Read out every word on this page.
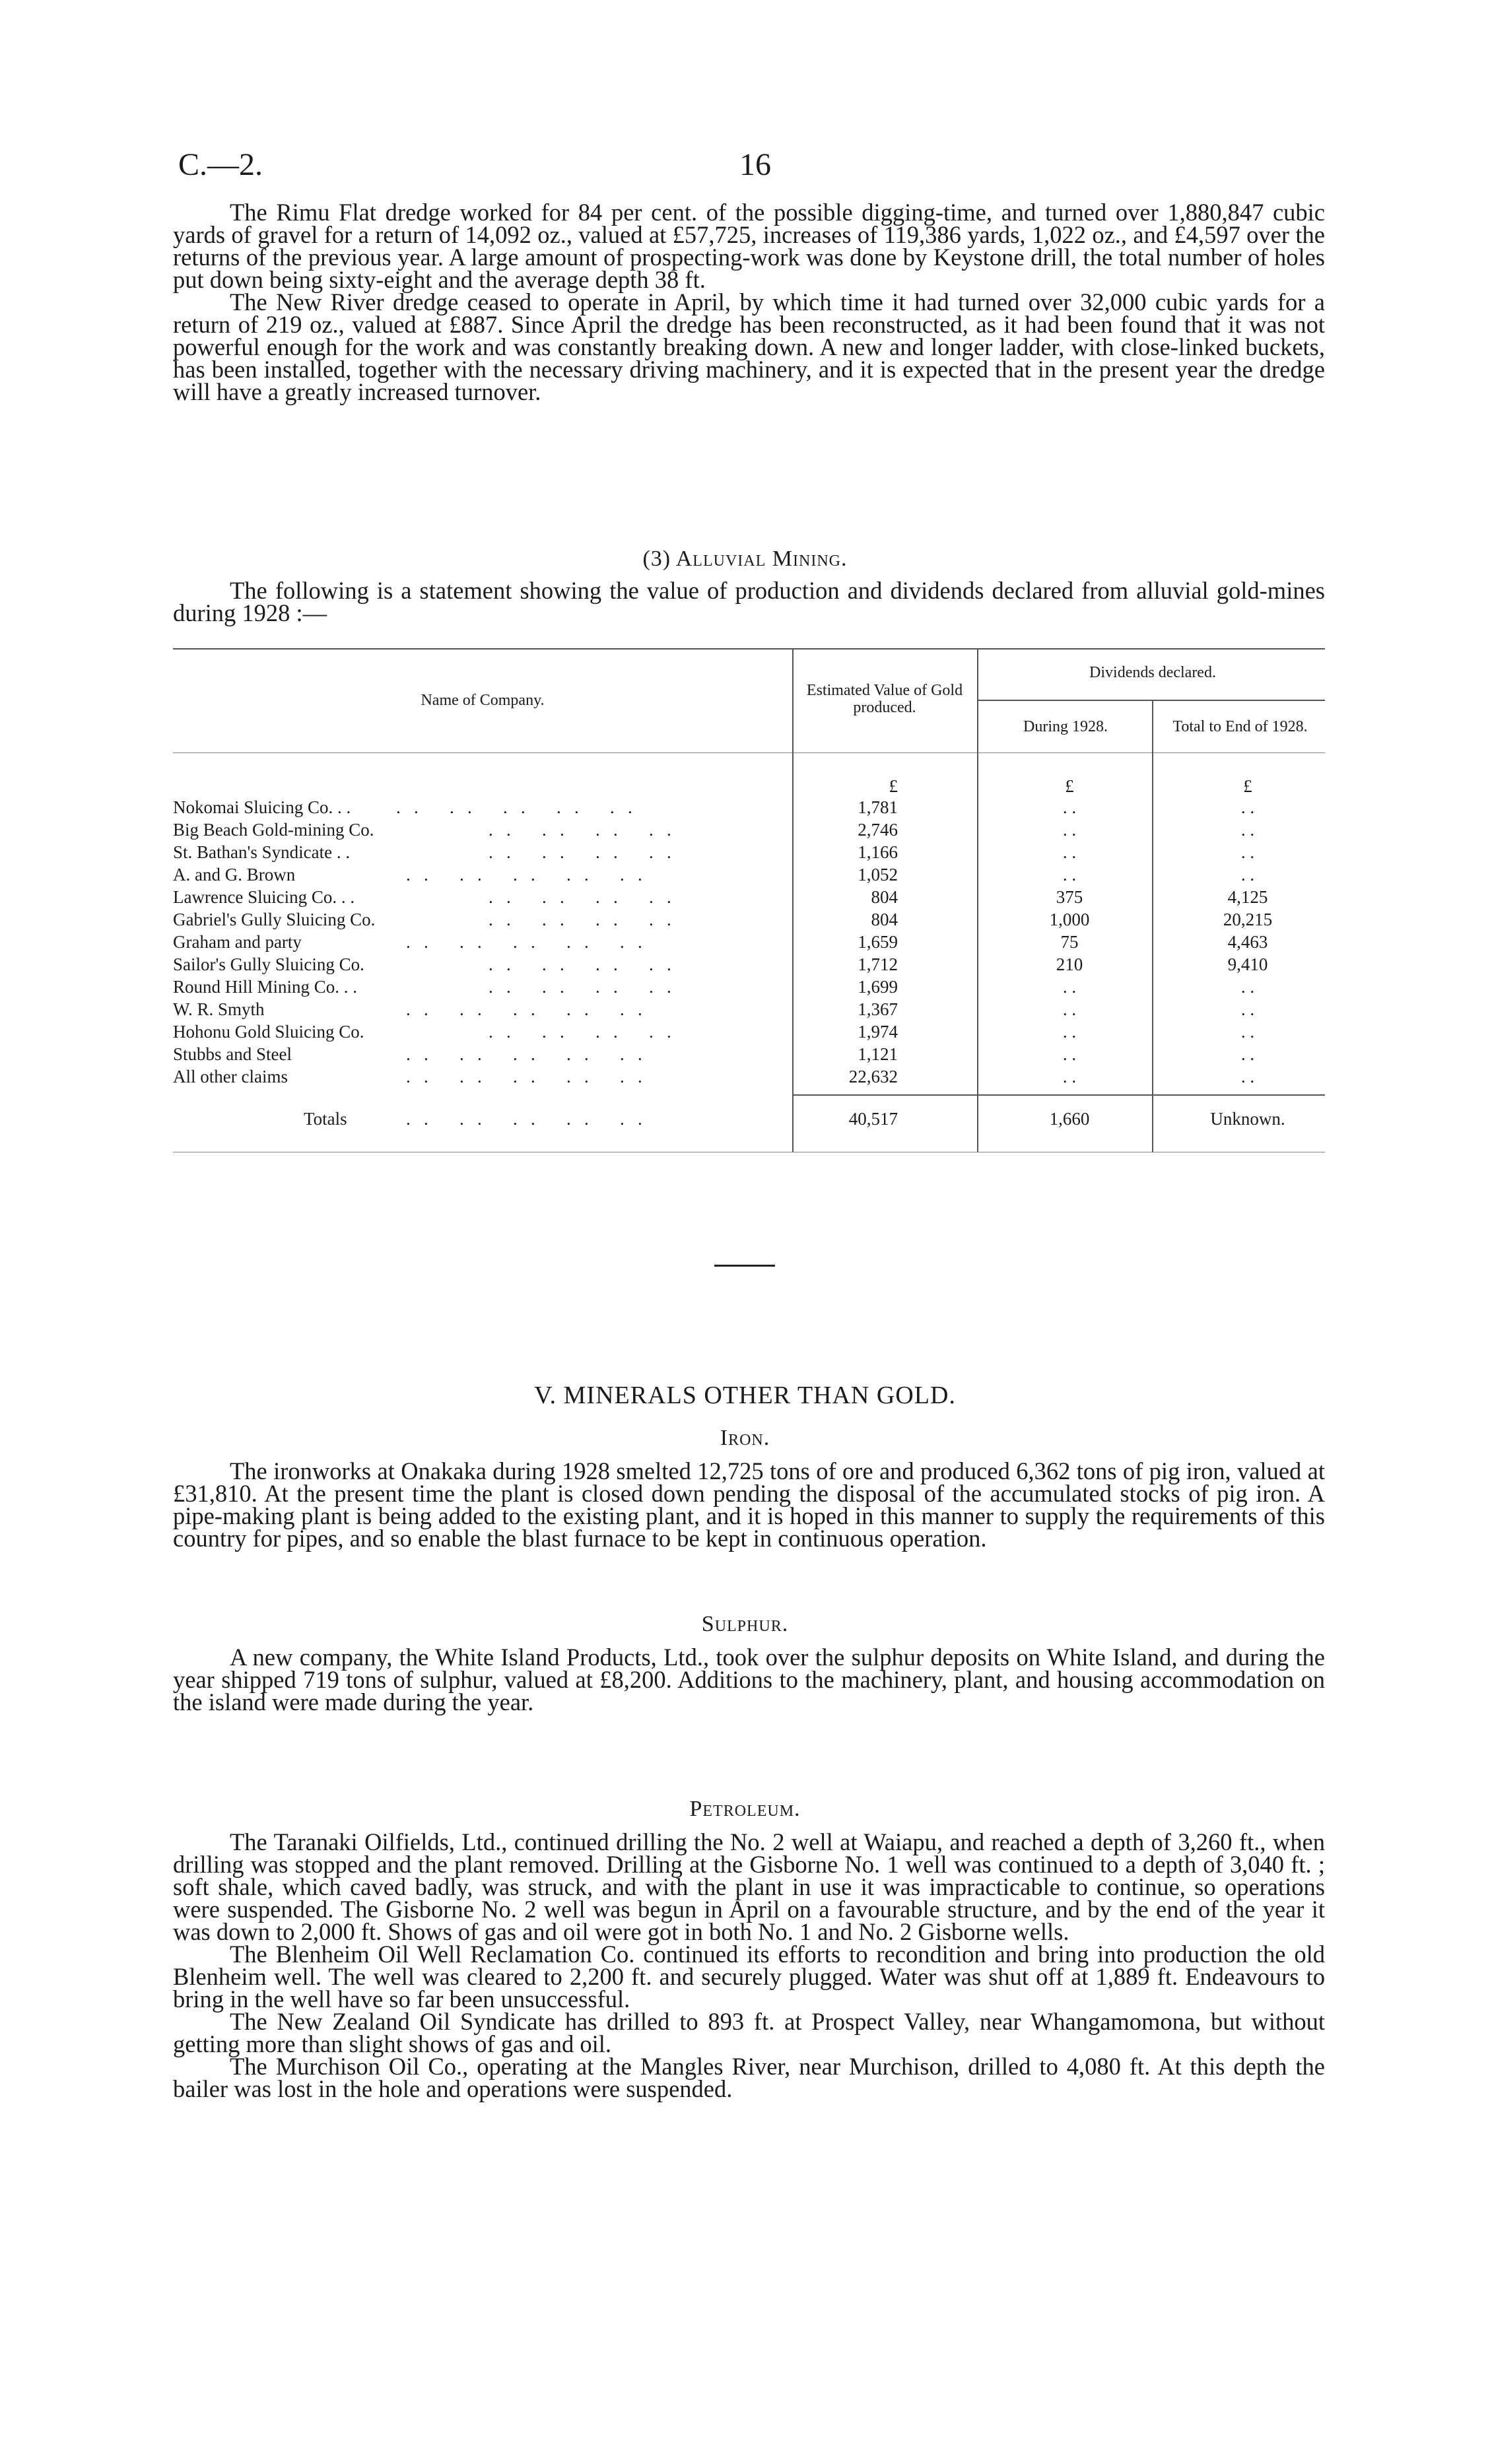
C.—2.	16

The Rimu Flat dredge worked for 84 per cent. of the possible digging-time, and turned over 1,880,847 cubic yards of gravel for a return of 14,092 oz., valued at £57,725, increases of 119,386 yards, 1,022 oz., and £4,597 over the returns of the previous year. A large amount of prospecting-work was done by Keystone drill, the total number of holes put down being sixty-eight and the average depth 38 ft.

The New River dredge ceased to operate in April, by which time it had turned over 32,000 cubic yards for a return of 219 oz., valued at £887. Since April the dredge has been reconstructed, as it had been found that it was not powerful enough for the work and was constantly breaking down. A new and longer ladder, with close-linked buckets, has been installed, together with the necessary driving machinery, and it is expected that in the present year the dredge will have a greatly increased turnover.

(3) Alluvial Mining.

The following is a statement showing the value of production and dividends declared from alluvial gold-mines during 1928 :—

Name of Company.
Estimated Value of Gold produced.
Dividends declared.
During 1928.	Total to End of 1928.
£	£	£
Nokomai Sluicing Co. . .	.   .       .   .       .   .       .   .       .   .	1,781	. .	. .
Big Beach Gold-mining Co.	.   .       .   .       .   .       .   .	2,746	. .	. .
St. Bathan's Syndicate . .	.   .       .   .       .   .       .   .	1,166	. .	. .
A. and G. Brown	.   .       .   .       .   .       .   .       .   .	1,052	. .	. .
Lawrence Sluicing Co. . .	.   .       .   .       .   .       .   .	804	375	4,125
Gabriel's Gully Sluicing Co.	.   .       .   .       .   .       .   .	804	1,000	20,215
Graham and party	.   .       .   .       .   .       .   .       .   .	1,659	75	4,463
Sailor's Gully Sluicing Co.	.   .       .   .       .   .       .   .	1,712	210	9,410
Round Hill Mining Co. . .	.   .       .   .       .   .       .   .	1,699	. .	. .
W. R. Smyth	.   .       .   .       .   .       .   .       .   .	1,367	. .	. .
Hohonu Gold Sluicing Co.	.   .       .   .       .   .       .   .	1,974	. .	. .
Stubbs and Steel	.   .       .   .       .   .       .   .       .   .	1,121	. .	. .
All other claims	.   .       .   .       .   .       .   .       .   .	22,632	. .	. .
Totals	.   .       .   .       .   .       .   .       .   .	40,517	1,660	Unknown.
V. MINERALS OTHER THAN GOLD.
Iron.

The ironworks at Onakaka during 1928 smelted 12,725 tons of ore and produced 6,362 tons of pig iron, valued at £31,810. At the present time the plant is closed down pending the disposal of the accumulated stocks of pig iron. A pipe-making plant is being added to the existing plant, and it is hoped in this manner to supply the requirements of this country for pipes, and so enable the blast furnace to be kept in continuous operation.

Sulphur.

A new company, the White Island Products, Ltd., took over the sulphur deposits on White Island, and during the year shipped 719 tons of sulphur, valued at £8,200. Additions to the machinery, plant, and housing accommodation on the island were made during the year.

Petroleum.

The Taranaki Oilfields, Ltd., continued drilling the No. 2 well at Waiapu, and reached a depth of 3,260 ft., when drilling was stopped and the plant removed. Drilling at the Gisborne No. 1 well was continued to a depth of 3,040 ft. ; soft shale, which caved badly, was struck, and with the plant in use it was impracticable to continue, so operations were suspended. The Gisborne No. 2 well was begun in April on a favourable structure, and by the end of the year it was down to 2,000 ft. Shows of gas and oil were got in both No. 1 and No. 2 Gisborne wells.

The Blenheim Oil Well Reclamation Co. continued its efforts to recondition and bring into production the old Blenheim well. The well was cleared to 2,200 ft. and securely plugged. Water was shut off at 1,889 ft. Endeavours to bring in the well have so far been unsuccessful.

The New Zealand Oil Syndicate has drilled to 893 ft. at Prospect Valley, near Whangamomona, but without getting more than slight shows of gas and oil.

The Murchison Oil Co., operating at the Mangles River, near Murchison, drilled to 4,080 ft. At this depth the bailer was lost in the hole and operations were suspended.
